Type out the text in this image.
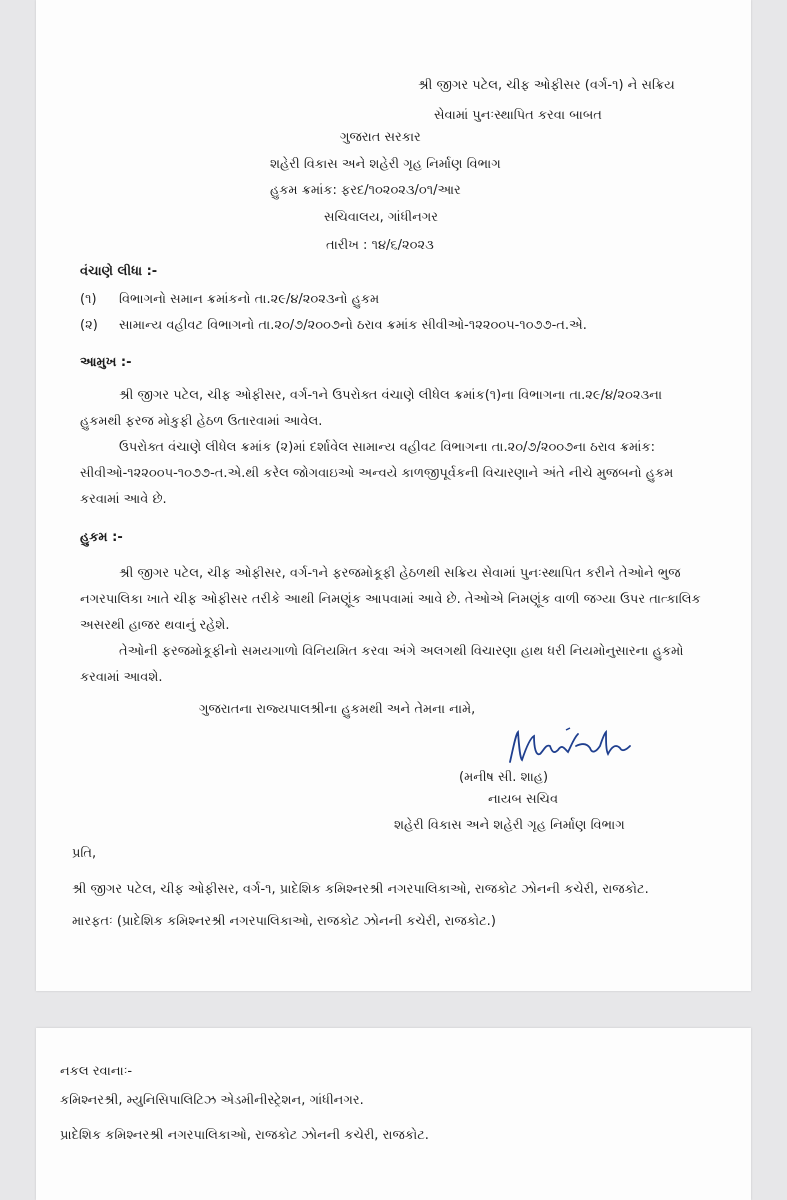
શ્રી જીગર પટેલ, ચીફ ઓફીસર (વર્ગ-૧) ને સક્રિય
સેવામાં પુનઃસ્થાપિત કરવા બાબત
ગુજરાત સરકાર
શહેરી વિકાસ અને શહેરી ગૃહ નિર્માણ વિભાગ
હુકમ ક્રમાંક: ફરદ/૧૦૨૦૨૩/૦૧/આર
સચિવાલય, ગાંધીનગર
તારીખ : ૧૪/૬/૨૦૨૩
વંચાણે લીધા :-
(૧) વિભાગનો સમાન ક્રમાંકનો તા.૨૯/૪/૨૦૨૩નો હુકમ
(૨) સામાન્ય વહીવટ વિભાગનો તા.૨૦/૭/૨૦૦૭નો ઠરાવ ક્રમાંક સીવીઓ-૧૨૨૦૦૫-૧૦૭૭-ત.એ.
આમુખ :-
શ્રી જીગર પટેલ, ચીફ ઓફીસર, વર્ગ-૧ને ઉપરોક્ત વંચાણે લીધેલ ક્રમાંક(૧)ના વિભાગના તા.૨૯/૪/૨૦૨૩ના
હુકમથી ફરજ મોકુફી હેઠળ ઉતારવામાં આવેલ.
ઉપરોક્ત વંચાણે લીધેલ ક્રમાંક (૨)માં દર્શાવેલ સામાન્ય વહીવટ વિભાગના તા.૨૦/૭/૨૦૦૭ના ઠરાવ ક્રમાંક:
સીવીઓ-૧૨૨૦૦૫-૧૦૭૭-ત.એ.થી કરેલ જોગવાઇઓ અન્વયે કાળજીપૂર્વકની વિચારણાને અંતે નીચે મુજબનો હુકમ
કરવામાં આવે છે.
હુકમ :-
શ્રી જીગર પટેલ, ચીફ ઓફીસર, વર્ગ-૧ને ફરજમોકૂફી હેઠળથી સક્રિય સેવામાં પુનઃસ્થાપિત કરીને તેઓને ભુજ
નગરપાલિકા ખાતે ચીફ ઓફીસર તરીકે આથી નિમણૂંક આપવામાં આવે છે. તેઓએ નિમણૂંક વાળી જગ્યા ઉપર તાત્કાલિક
અસરથી હાજર થવાનું રહેશે.
તેઓની ફરજમોકૂફીનો સમયગાળો વિનિયમિત કરવા અંગે અલગથી વિચારણા હાથ ધરી નિયમોનુસારના હુકમો
કરવામાં આવશે.
ગુજરાતના રાજ્યપાલશ્રીના હુકમથી અને તેમના નામે,
(મનીષ સી. શાહ)
નાયબ સચિવ
શહેરી વિકાસ અને શહેરી ગૃહ નિર્માણ વિભાગ
પ્રતિ,
શ્રી જીગર પટેલ, ચીફ ઓફીસર, વર્ગ-૧, પ્રાદેશિક કમિશ્નરશ્રી નગરપાલિકાઓ, રાજકોટ ઝોનની કચેરી, રાજકોટ.
મારફતઃ (પ્રાદેશિક કમિશ્નરશ્રી નગરપાલિકાઓ, રાજકોટ ઝોનની કચેરી, રાજકોટ.)
નકલ રવાનાઃ-
કમિશ્નરશ્રી, મ્યુનિસિપાલિટિઝ એડમીનીસ્ટ્રેશન, ગાંધીનગર.
પ્રાદેશિક કમિશ્નરશ્રી નગરપાલિકાઓ, રાજકોટ ઝોનની કચેરી, રાજકોટ.
